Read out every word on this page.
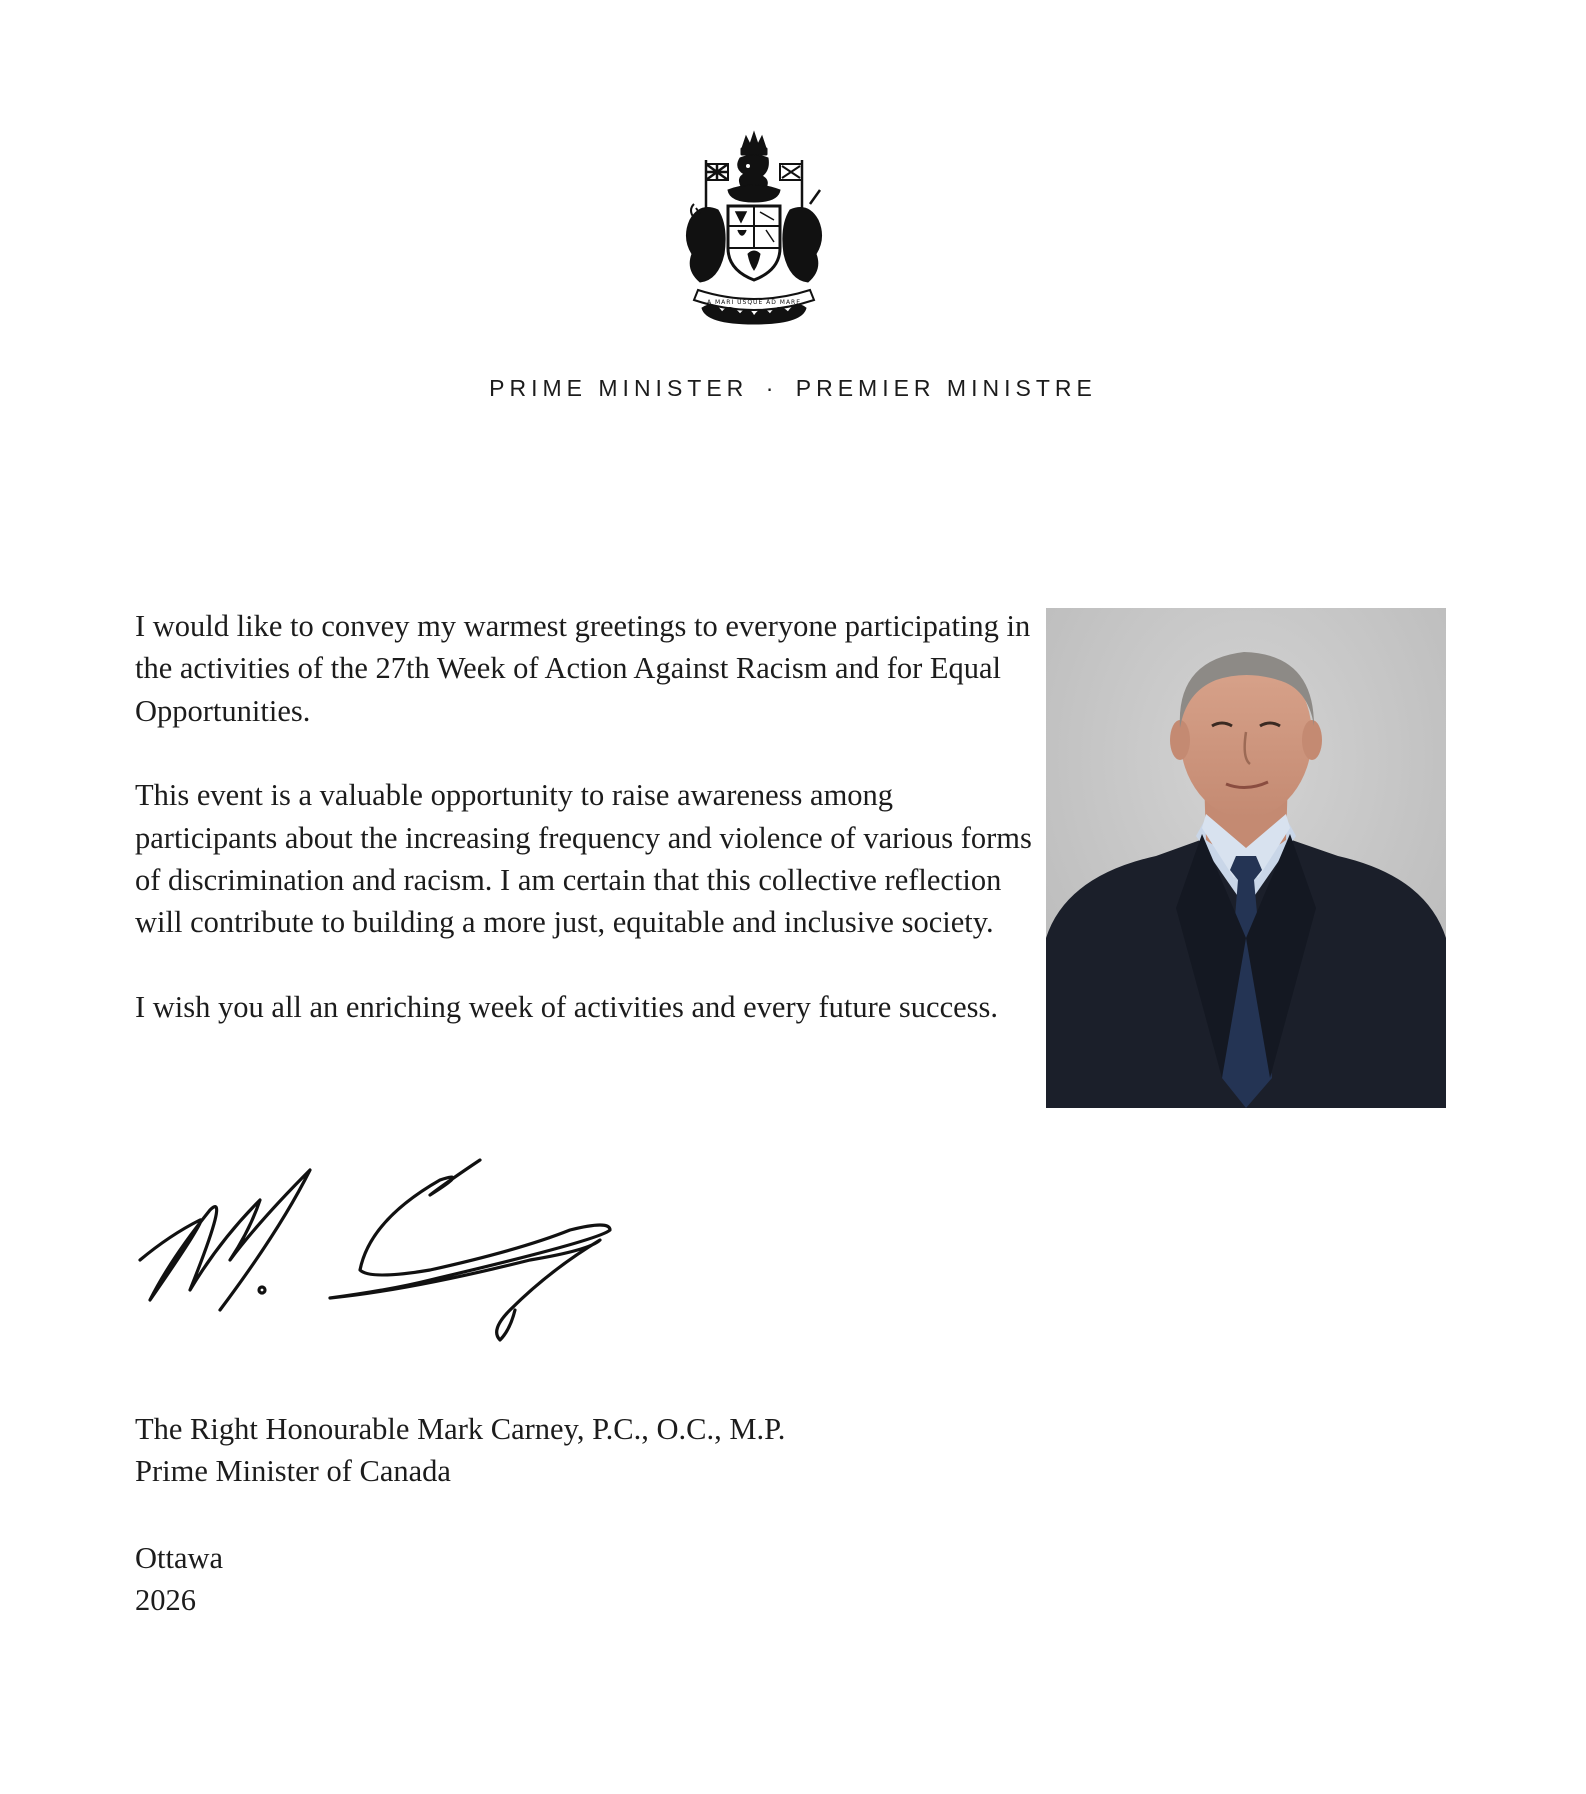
A MARI USQUE AD MARE
PRIME MINISTER · PREMIER MINISTRE

I would like to convey my warmest greetings to everyone participating in the activities of the 27th Week of Action Against Racism and for Equal Opportunities.

This event is a valuable opportunity to raise awareness among participants about the increasing frequency and violence of various forms of discrimination and racism. I am certain that this collective reflection will contribute to building a more just, equitable and inclusive society.

I wish you all an enriching week of activities and every future success.

The Right Honourable Mark Carney, P.C., O.C., M.P.
Prime Minister of Canada
Ottawa
2026
